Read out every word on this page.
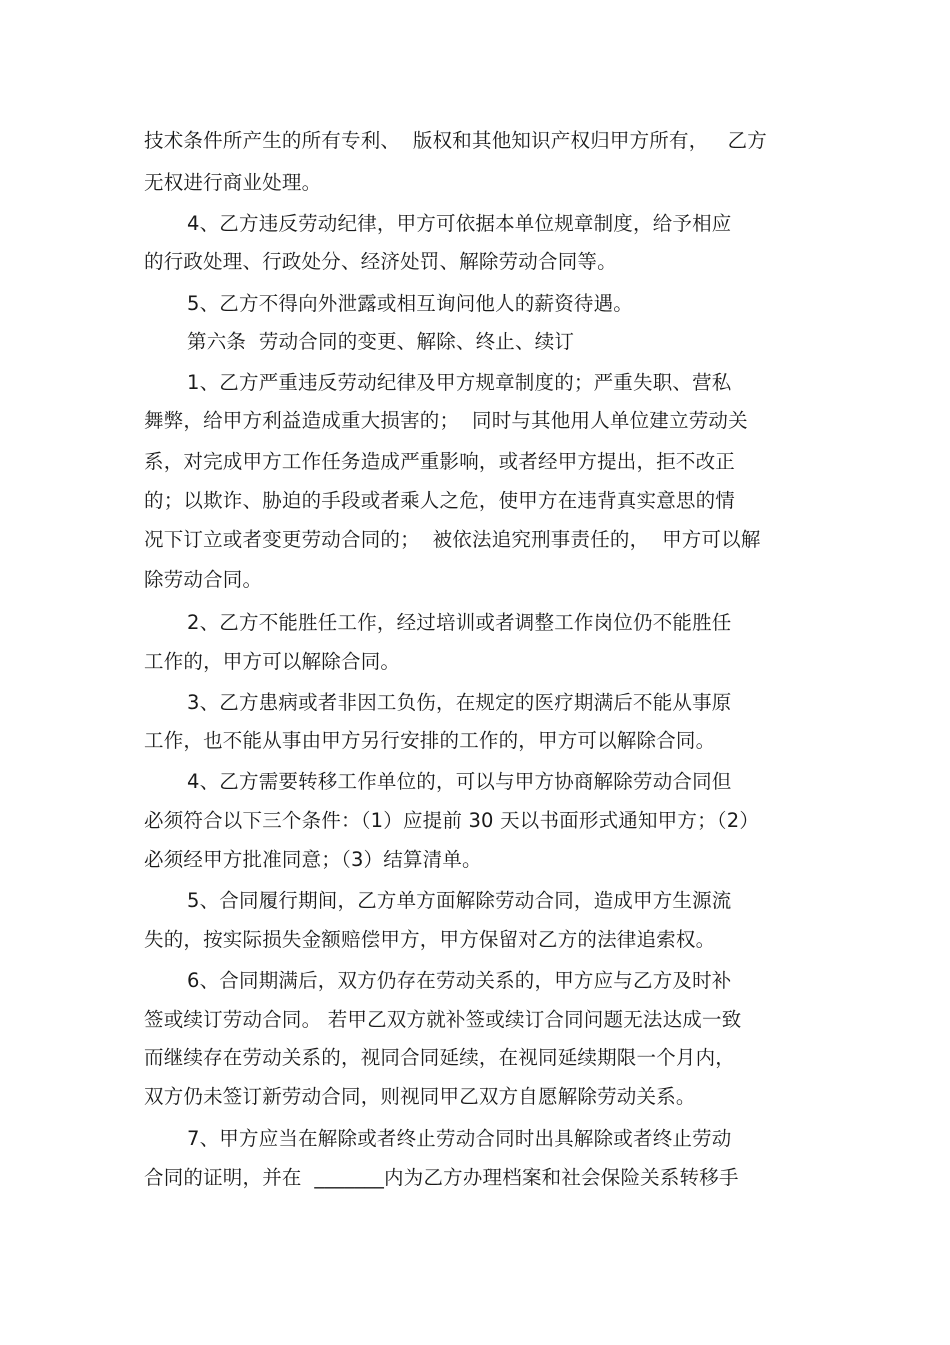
技术条件所产生的所有专利、  版权和其他知识产权归甲方所有，   乙方
无权进行商业处理。
4、乙方违反劳动纪律，甲方可依据本单位规章制度，给予相应
的行政处理、行政处分、经济处罚、解除劳动合同等。
5、乙方不得向外泄露或相互询问他人的薪资待遇。
第六条  劳动合同的变更、解除、终止、续订
1、乙方严重违反劳动纪律及甲方规章制度的；严重失职、营私
舞弊，给甲方利益造成重大损害的；  同时与其他用人单位建立劳动关
系，对完成甲方工作任务造成严重影响，或者经甲方提出，拒不改正
的；以欺诈、胁迫的手段或者乘人之危，使甲方在违背真实意思的情
况下订立或者变更劳动合同的；  被依法追究刑事责任的，  甲方可以解
除劳动合同。
2、乙方不能胜任工作，经过培训或者调整工作岗位仍不能胜任
工作的，甲方可以解除合同。
3、乙方患病或者非因工负伤，在规定的医疗期满后不能从事原
工作，也不能从事由甲方另行安排的工作的，甲方可以解除合同。
4、乙方需要转移工作单位的，可以与甲方协商解除劳动合同但
必须符合以下三个条件：（1）应提前 30 天以书面形式通知甲方；（2）
必须经甲方批准同意；（3）结算清单。
5、合同履行期间，乙方单方面解除劳动合同，造成甲方生源流
失的，按实际损失金额赔偿甲方，甲方保留对乙方的法律追索权。
6、合同期满后，双方仍存在劳动关系的，甲方应与乙方及时补
签或续订劳动合同。 若甲乙双方就补签或续订合同问题无法达成一致
而继续存在劳动关系的，视同合同延续，在视同延续期限一个月内，
双方仍未签订新劳动合同，则视同甲乙双方自愿解除劳动关系。
7、甲方应当在解除或者终止劳动合同时出具解除或者终止劳动
合同的证明，并在  _______内为乙方办理档案和社会保险关系转移手
